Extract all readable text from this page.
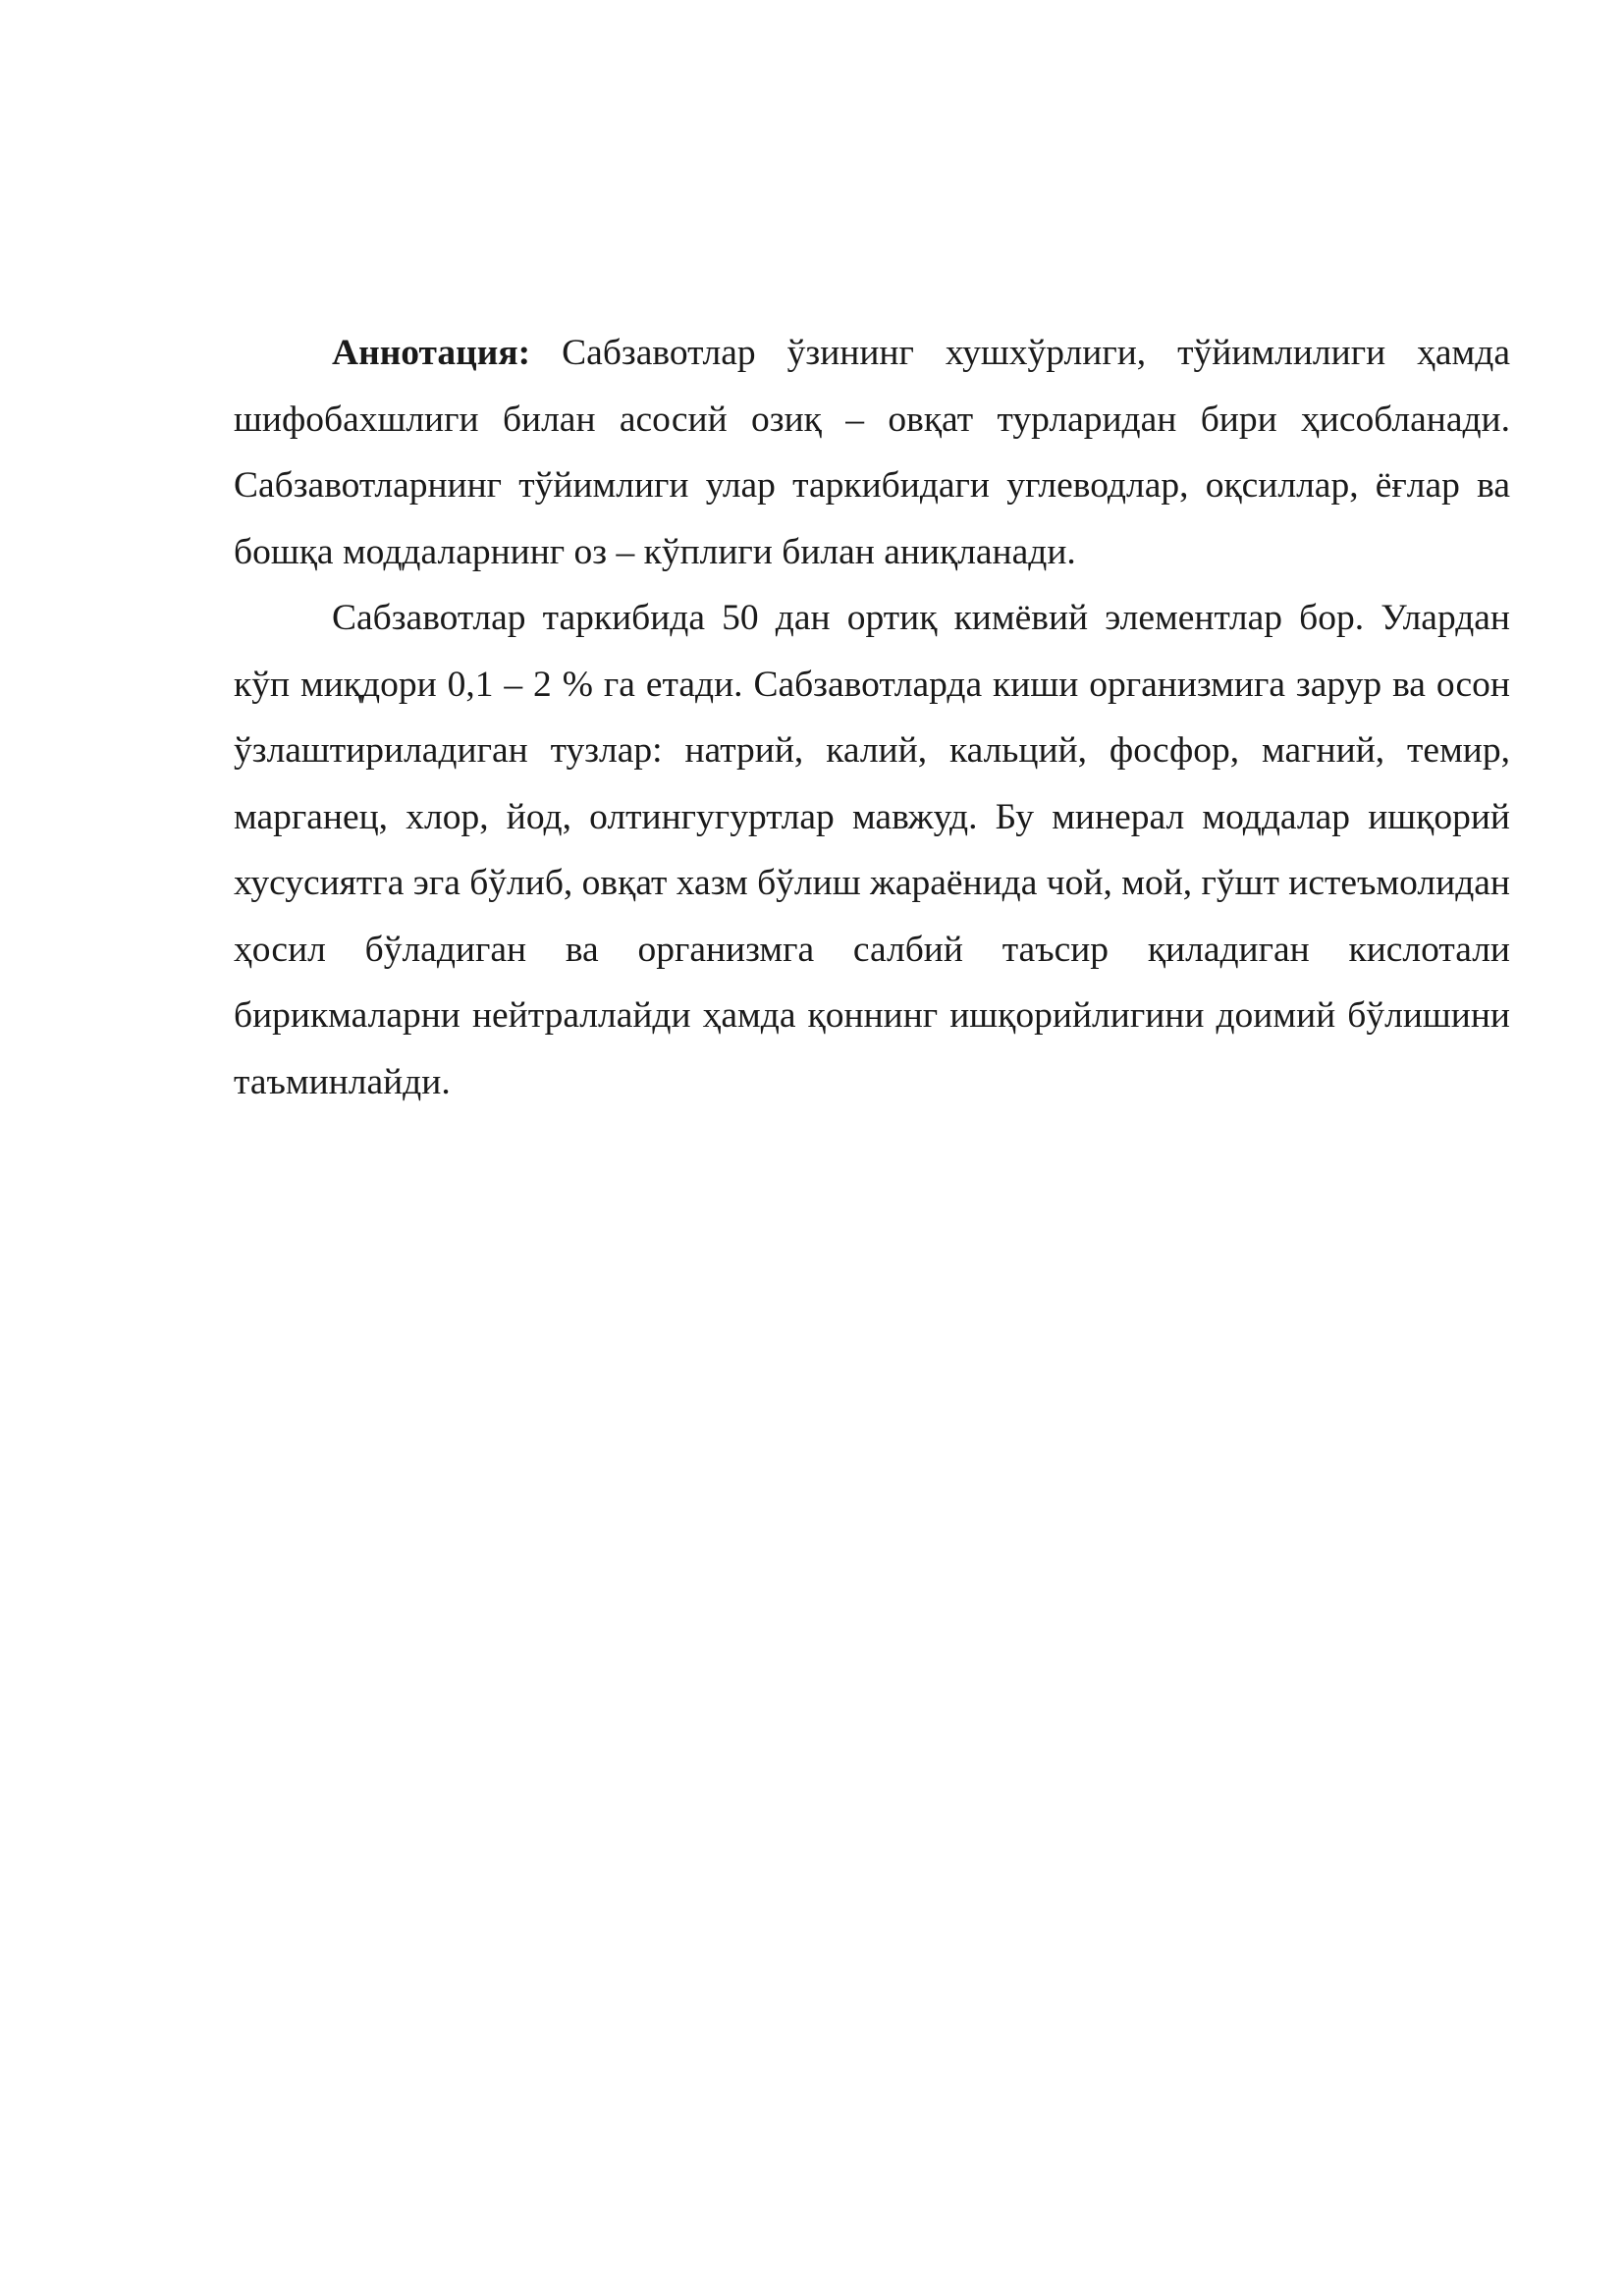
Аннотация: Сабзавотлар ўзининг хушхўрлиги, тўйимлилиги ҳамда шифобахшлиги билан асосий озиқ – овқат турларидан бири ҳисобланади. Сабзавотларнинг тўйимлиги улар таркибидаги углеводлар, оқсиллар, ёғлар ва бошқа моддаларнинг оз – кўплиги билан аниқланади.

Сабзавотлар таркибида 50 дан ортиқ кимёвий элементлар бор. Улардан кўп миқдори 0,1 – 2 % га етади. Сабзавотларда киши организмига зарур ва осон ўзлаштириладиган тузлар: натрий, калий, кальций, фосфор, магний, темир, марганец, хлор, йод, олтингугуртлар мавжуд. Бу минерал моддалар ишқорий хусусиятга эга бўлиб, овқат хазм бўлиш жараёнида чой, мой, гўшт истеъмолидан ҳосил бўладиган ва организмга салбий таъсир қиладиган кислотали бирикмаларни нейтраллайди ҳамда қоннинг ишқорийлигини доимий бўлишини таъминлайди.
